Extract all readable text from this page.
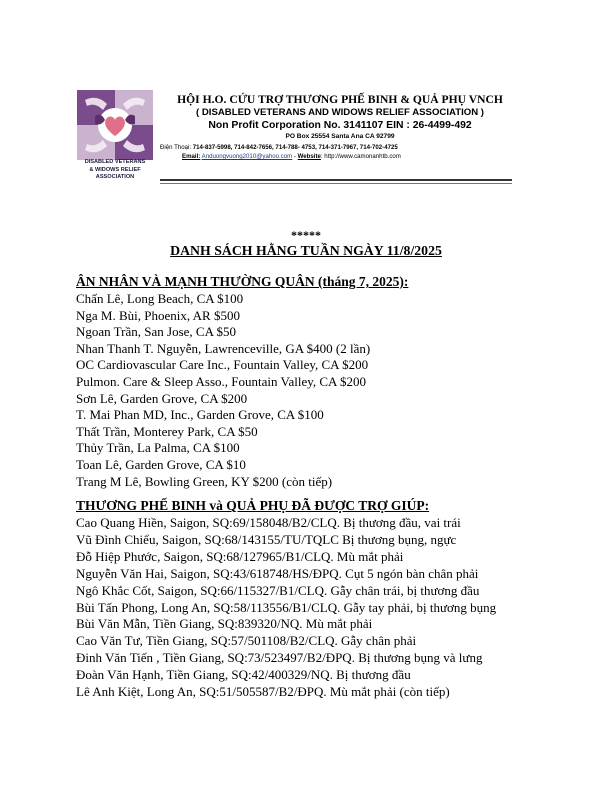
DISABLED VETERANS
& WIDOWS RELIEF ASSOCIATION
HỘI H.O. CỨU TRỢ THƯƠNG PHẾ BINH & QUẢ PHỤ VNCH
( DISABLED VETERANS AND WIDOWS RELIEF ASSOCIATION )
Non Profit Corporation No. 3141107 EIN : 26-4499-492
PO Box 25554 Santa Ana CA 92799
Điện Thoại: 714-837-5998, 714-842-7656, 714-788- 4753, 714-371-7967, 714-702-4725
Email: Anduongvuong2010@yahoo.com - Website: http://www.camonanhtb.com
*****
DANH SÁCH HẰNG TUẦN NGÀY 11/8/2025
ÂN NHÂN VÀ MẠNH THƯỜNG QUÂN (tháng 7, 2025):
Chấn Lê, Long Beach, CA $100
Nga M. Bùi, Phoenix, AR $500
Ngoan Trần, San Jose, CA $50
Nhan Thanh T. Nguyễn, Lawrenceville, GA $400 (2 lần)
OC Cardiovascular Care Inc., Fountain Valley, CA $200
Pulmon. Care & Sleep Asso., Fountain Valley, CA $200
Sơn Lê, Garden Grove, CA $200
T. Mai Phan MD, Inc., Garden Grove, CA $100
Thất Trần, Monterey Park, CA $50
Thủy Trần, La Palma, CA $100
Toan Lê, Garden Grove, CA $10
Trang M Lê, Bowling Green, KY $200 (còn tiếp)
THƯƠNG PHẾ BINH và QUẢ PHỤ ĐÃ ĐƯỢC TRỢ GIÚP:
Cao Quang Hiền, Saigon, SQ:69/158048/B2/CLQ. Bị thương đầu, vai trái
Vũ Đình Chiểu, Saigon, SQ:68/143155/TU/TQLC Bị thương bụng, ngực
Đỗ Hiệp Phước, Saigon, SQ:68/127965/B1/CLQ. Mù mắt phải
Nguyễn Văn Hai, Saigon, SQ:43/618748/HS/ĐPQ. Cụt 5 ngón bàn chân phải
Ngô Khắc Cốt, Saigon, SQ:66/115327/B1/CLQ. Gẫy chân trái, bị thương đầu
Bùi Tấn Phong, Long An, SQ:58/113556/B1/CLQ. Gẫy tay phải, bị thương bụng
Bùi Văn Mẫn, Tiền Giang, SQ:839320/NQ. Mù mắt phải
Cao Văn Tư, Tiền Giang, SQ:57/501108/B2/CLQ. Gẫy chân phải
Đinh Văn Tiến , Tiền Giang, SQ:73/523497/B2/ĐPQ. Bị thương bụng và lưng
Đoàn Văn Hạnh, Tiền Giang, SQ:42/400329/NQ. Bị thương đầu
Lê Anh Kiệt, Long An, SQ:51/505587/B2/ĐPQ. Mù mắt phải (còn tiếp)
